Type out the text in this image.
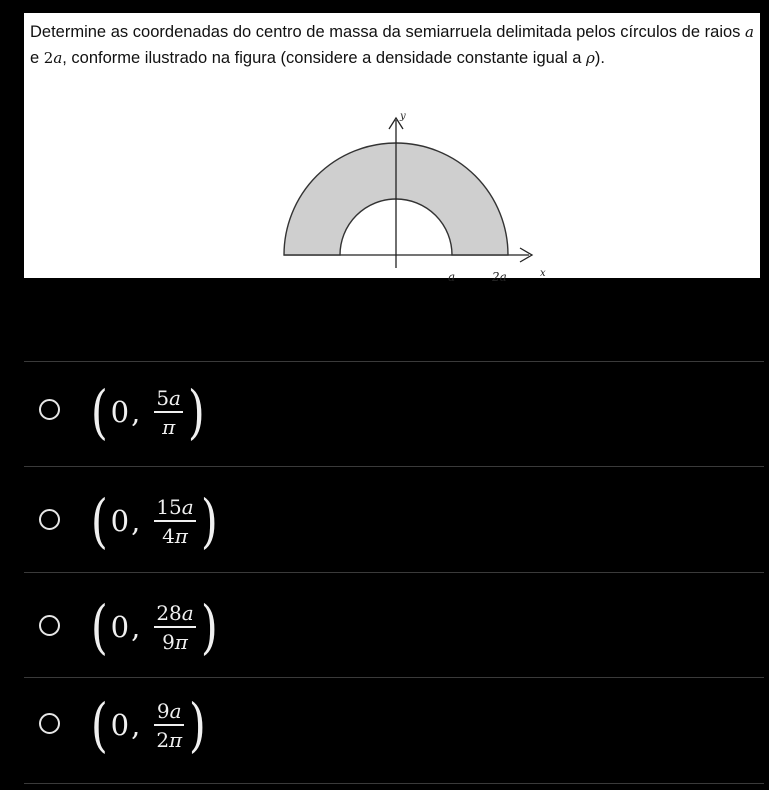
Determine as coordenadas do centro de massa da semiarruela delimitada pelos círculos de raios a e 2a, conforme ilustrado na figura (considere a densidade constante igual a ρ).
y
x
a	2a
( 0 , $\frac{5a}{\pi}$ )
( 0 , $\frac{15a}{4\pi}$ )
( 0 , $\frac{28a}{9\pi}$ )
( 0 , $\frac{9a}{2\pi}$ )
